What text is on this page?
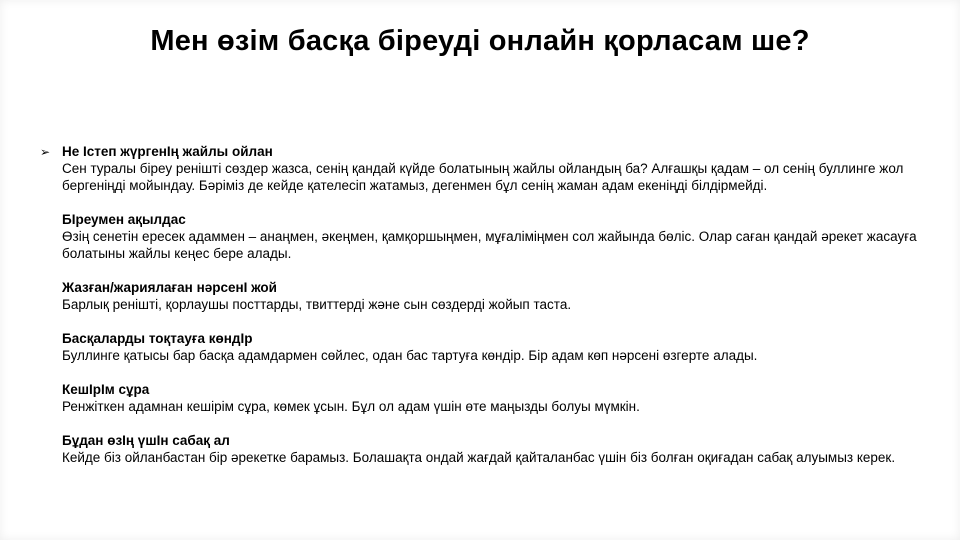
Мен өзім басқа біреуді онлайн қорласам ше?
➢ Не Істеп жүргенІң жайлы ойлан
Сен туралы біреу ренішті сөздер жазса, сенің қандай күйде болатының жайлы ойландың ба? Алғашқы қадам – ол сенің буллинге жол бергеніңді мойындау. Бәріміз де кейде қателесіп жатамыз, дегенмен бұл сенің жаман адам екеніңді білдірмейді.
БІреумен ақылдас
Өзің сенетін ересек адаммен – анаңмен, әкеңмен, қамқоршыңмен, мұғаліміңмен сол жайында бөліс. Олар саған қандай әрекет жасауға болатыны жайлы кеңес бере алады.
Жазған/жариялаған нәрсенІ жой
Барлық ренішті, қорлаушы посттарды, твиттерді және сын сөздерді жойып таста.
Басқаларды тоқтауға көндІр
Буллинге қатысы бар басқа адамдармен сөйлес, одан бас тартуға көндір. Бір адам көп нәрсені өзгерте алады.
КешІрІм сұра
Ренжіткен адамнан кешірім сұра, көмек ұсын. Бұл ол адам үшін өте маңызды болуы мүмкін.
Бұдан өзІң үшІн сабақ ал
Кейде біз ойланбастан бір әрекетке барамыз. Болашақта ондай жағдай қайталанбас үшін біз болған оқиғадан сабақ алуымыз керек.
